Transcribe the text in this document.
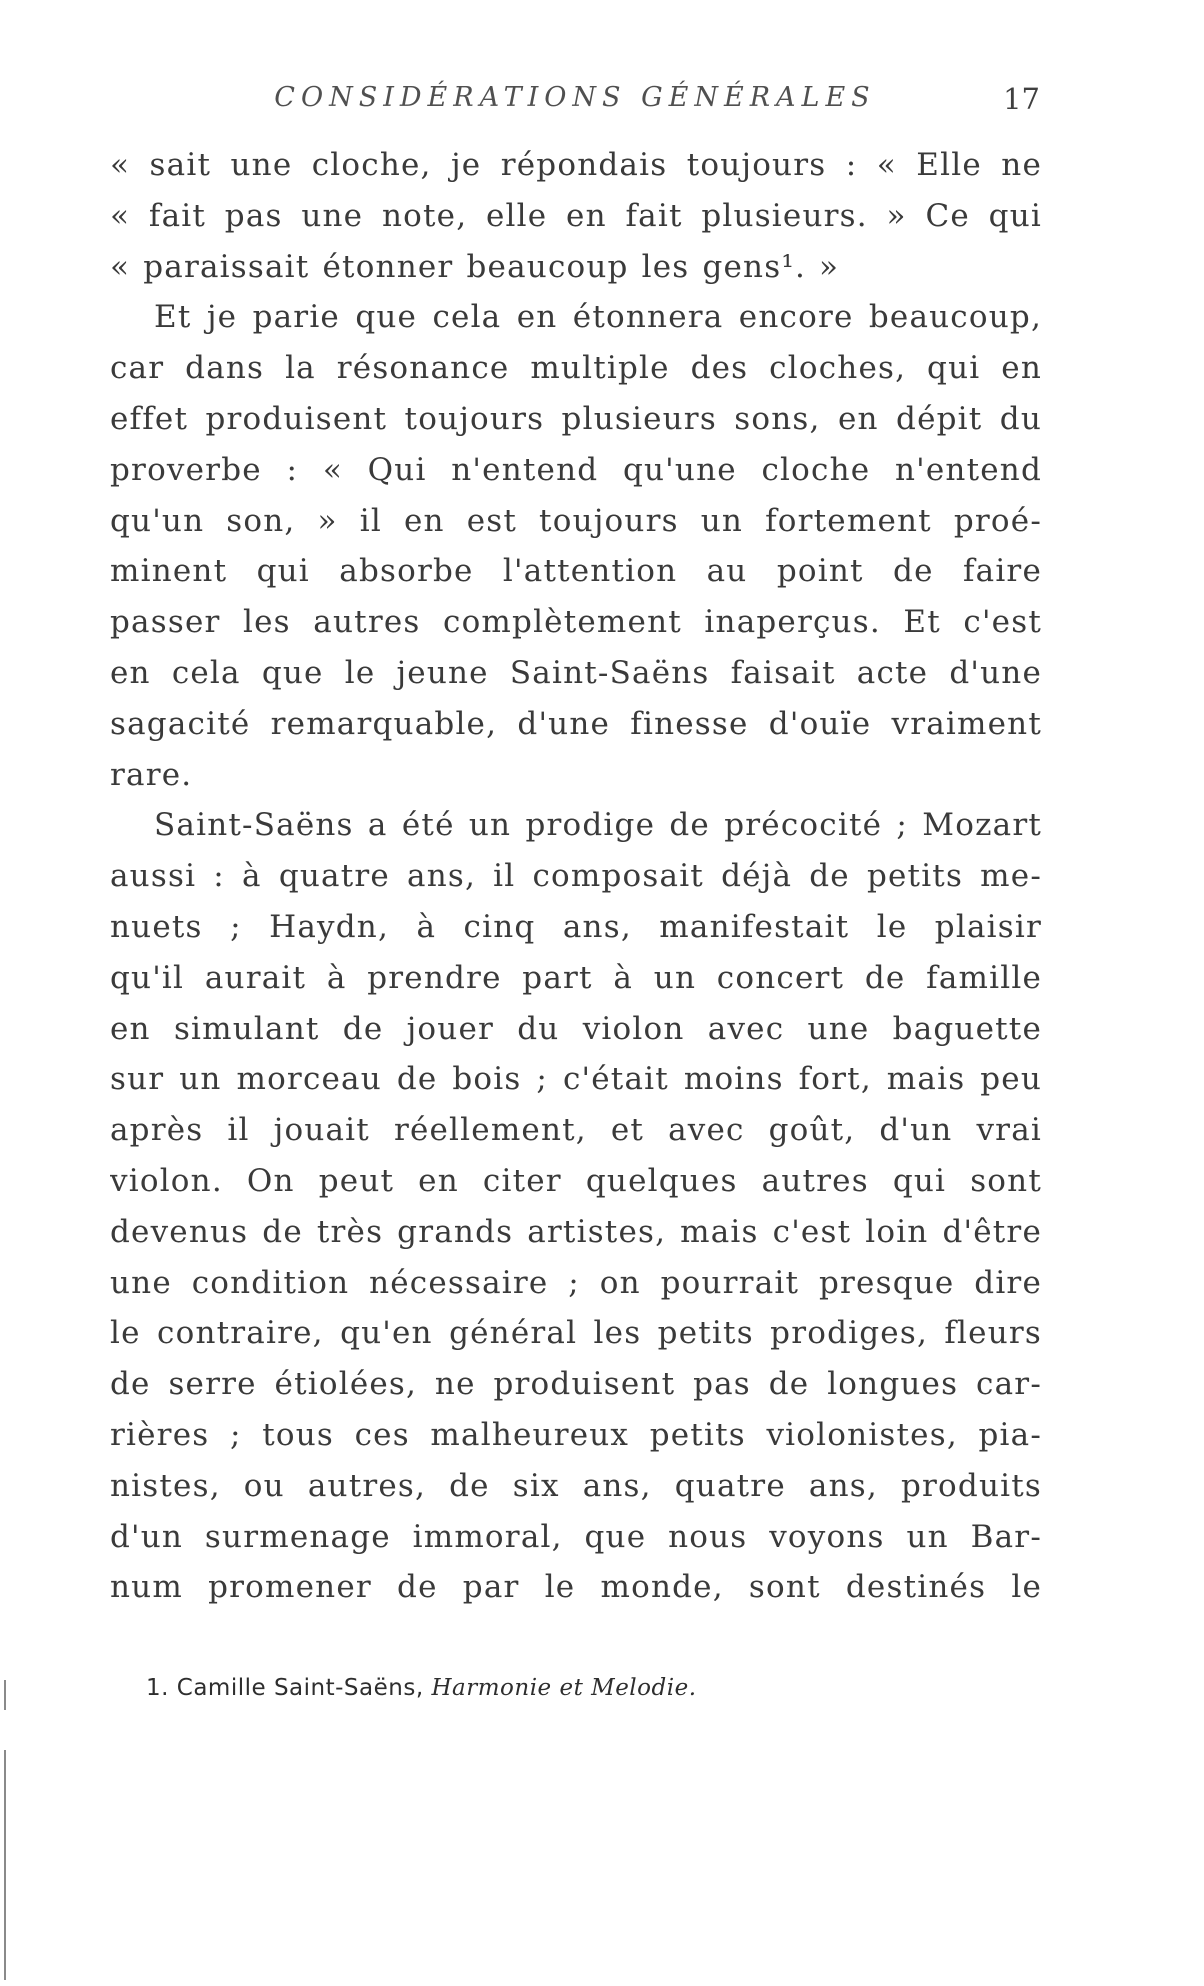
CONSIDÉRATIONS GÉNÉRALES	17
« sait une cloche, je répondais toujours : « Elle ne
« fait pas une note, elle en fait plusieurs. » Ce qui
« paraissait étonner beaucoup les gens¹. »
Et je parie que cela en étonnera encore beaucoup,
car dans la résonance multiple des cloches, qui en
effet produisent toujours plusieurs sons, en dépit du
proverbe : « Qui n'entend qu'une cloche n'entend
qu'un son, » il en est toujours un fortement proé-
minent qui absorbe l'attention au point de faire
passer les autres complètement inaperçus. Et c'est
en cela que le jeune Saint-Saëns faisait acte d'une
sagacité remarquable, d'une finesse d'ouïe vraiment
rare.
Saint-Saëns a été un prodige de précocité ; Mozart
aussi : à quatre ans, il composait déjà de petits me-
nuets ; Haydn, à cinq ans, manifestait le plaisir
qu'il aurait à prendre part à un concert de famille
en simulant de jouer du violon avec une baguette
sur un morceau de bois ; c'était moins fort, mais peu
après il jouait réellement, et avec goût, d'un vrai
violon. On peut en citer quelques autres qui sont
devenus de très grands artistes, mais c'est loin d'être
une condition nécessaire ; on pourrait presque dire
le contraire, qu'en général les petits prodiges, fleurs
de serre étiolées, ne produisent pas de longues car-
rières ; tous ces malheureux petits violonistes, pia-
nistes, ou autres, de six ans, quatre ans, produits
d'un surmenage immoral, que nous voyons un Bar-
num promener de par le monde, sont destinés le
1. Camille Saint-Saëns, Harmonie et Melodie.
